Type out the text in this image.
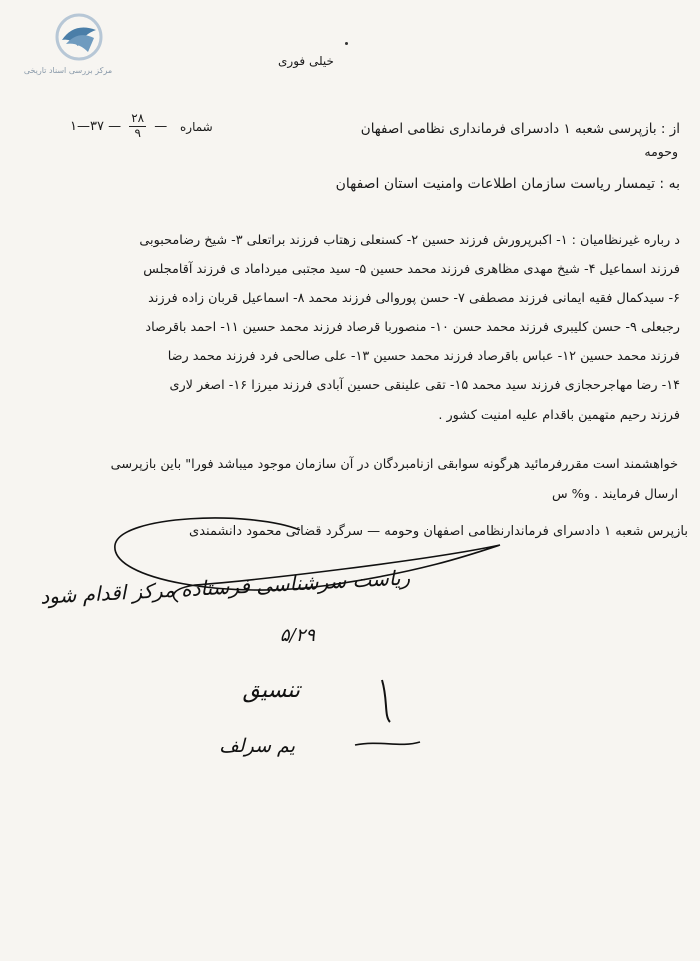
مرکز بررسی اسناد تاریخی
خیلی فوری
از : بازپرسی شعبه ۱ دادسرای فرمانداری نظامی اصفهان
وحومه
شماره
۱—۳۷ — $\frac{۲۸}{۹}$ —
به : تیمسار ریاست سازمان اطلاعات وامنیت استان اصفهان
د رباره غیرنظامیان : ۱- اکبرپرورش فرزند حسین ۲- کسنعلی زهتاب فرزند براتعلی ۳- شیخ رضامحبوبی
فرزند اسماعیل ۴- شیخ مهدی مظاهری فرزند محمد حسین ۵- سید مجتبی میرداماد ی فرزند آقامجلس
۶- سیدکمال فقیه ایمانی فرزند مصطفی ۷- حسن پوروالی فرزند محمد ۸- اسماعیل قربان زاده فرزند
رجبعلی ۹- حسن کلیبری فرزند محمد حسن ۱۰- منصوربا قرصاد فرزند محمد حسین ۱۱- احمد باقرصاد
فرزند محمد حسین ۱۲- عباس باقرصاد فرزند محمد حسین ۱۳- علی صالحی فرد فرزند محمد رضا
۱۴- رضا مهاجرحجازی فرزند سید محمد ۱۵- تقی علینقی حسین آبادی فرزند میرزا ۱۶- اصغر لاری
فرزند رحیم متهمین باقدام علیه امنیت کشور .
خواهشمند است مقررفرمائید هرگونه سوابقی ازنامبردگان در آن سازمان موجود میباشد فورا" باین بازپرسی
ارسال فرمایند . و% س
بازپرس شعبه ۱ دادسرای فرماندارنظامی اصفهان وحومه — سرگرد قضائی محمود دانشمندی
ریاست سرشناسی فرستاده مرکز اقدام شود
۵/۲۹
تنسیق
یم سرلف
